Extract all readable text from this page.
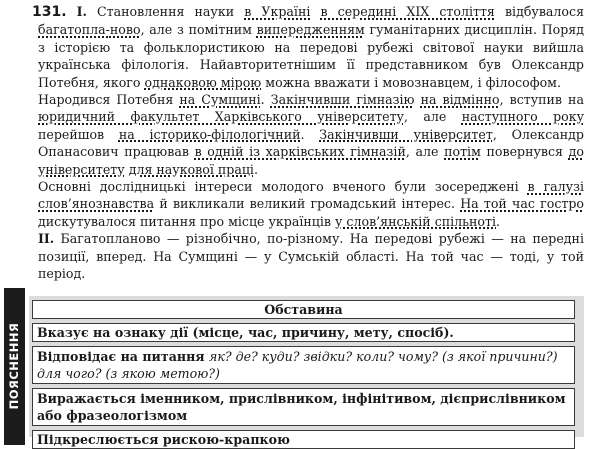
131. I. Становлення науки в Україні в середині XIX століття відбувалося багатопла-ново, але з помітним випередженням гуманітарних дисциплін. Поряд з історією та фольклористикою на передові рубежі світової науки вийшла українська філологія. Найавторитетнішим її представником був Олександр Потебня, якого однаковою мірою можна вважати і мовознавцем, і філософом.

Народився Потебня на Сумщині. Закінчивши гімназію на відмінно, вступив на юридичний факультет Харківського університету, але наступного року перейшов на історико-філологічний. Закінчивши університет, Олександр Опанасович працював в одній із харківських гімназій, але потім повернувся до університету для наукової праці.

Основні дослідницькі інтереси молодого вченого були зосереджені в галузі слов’янознавства й викликали великий громадський інтерес. На той час гостро дискутувалося питання про місце українців у слов’янській спільноті.

II. Багатопланово — різнобічно, по-різному. На передові рубежі — на передні позиції, вперед. На Сумщині — у Сумській області. На той час — тоді, у той період.

ПОЯСНЕННЯ
Обставина
Вказує на ознаку дії (місце, час, причину, мету, спосіб).
Відповідає на питання як? де? куди? звідки? коли? чому? (з якої причини?) для чого? (з якою метою?)
Виражається іменником, прислівником, інфінітивом, дієприслівником або фразеологізмом
Підкреслюється рискою-крапкою
